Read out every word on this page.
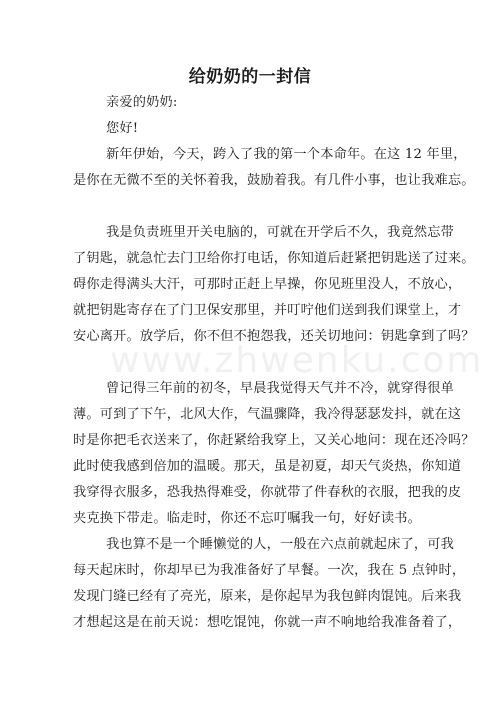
www.zhwenku.com
给奶奶的一封信
亲爱的奶奶:
您好!
新年伊始，今天，跨入了我的第一个本命年。在这 12 年里，
是你在无微不至的关怀着我，鼓励着我。有几件小事，也让我难忘。
我是负责班里开关电脑的，可就在开学后不久，我竟然忘带
了钥匙，就急忙去门卫给你打电话，你知道后赶紧把钥匙送了过来。
碍你走得满头大汗，可那时正赶上早操，你见班里没人，不放心，
就把钥匙寄存在了门卫保安那里，并叮咛他们送到我们课堂上，才
安心离开。放学后，你不但不抱怨我，还关切地问：钥匙拿到了吗？
曾记得三年前的初冬，早晨我觉得天气并不冷，就穿得很单
薄。可到了下午，北风大作，气温骤降，我冷得瑟瑟发抖，就在这
时是你把毛衣送来了，你赶紧给我穿上，又关心地问：现在还冷吗？
此时使我感到倍加的温暖。那天，虽是初夏，却天气炎热，你知道
我穿得衣服多，恐我热得难受，你就带了件春秋的衣服，把我的皮
夹克换下带走。临走时，你还不忘叮嘱我一句，好好读书。
我也算不是一个睡懒觉的人，一般在六点前就起床了，可我
每天起床时，你却早已为我准备好了早餐。一次，我在 5 点钟时，
发现门缝已经有了亮光，原来，是你起早为我包鲜肉馄饨。后来我
才想起这是在前天说：想吃馄饨，你就一声不响地给我准备着了，
